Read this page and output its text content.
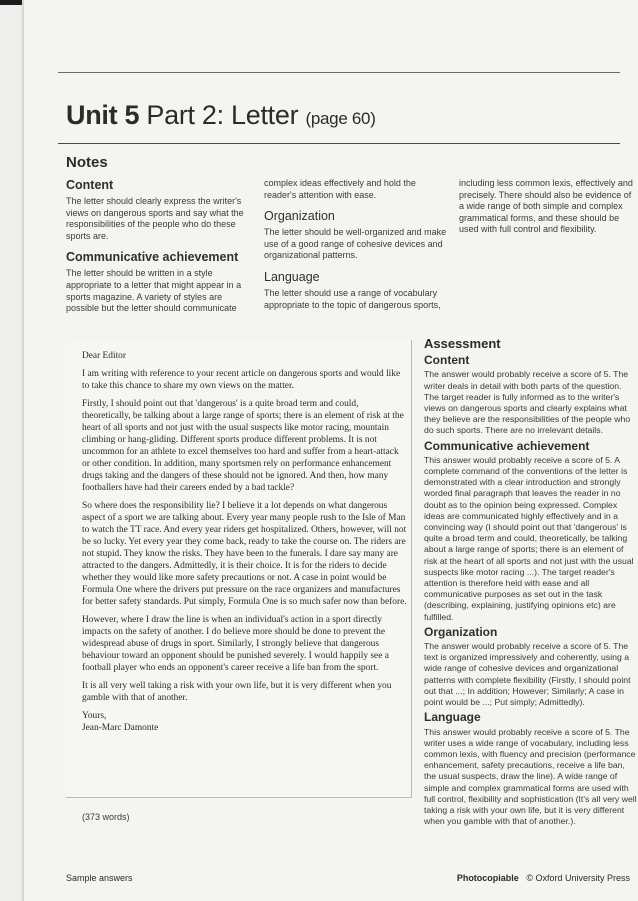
Unit 5 Part 2: Letter (page 60)
Notes
Content
The letter should clearly express the writer's views on dangerous sports and say what the responsibilities of the people who do these sports are.
Communicative achievement
The letter should be written in a style appropriate to a letter that might appear in a sports magazine. A variety of styles are possible but the letter should communicate
complex ideas effectively and hold the reader's attention with ease.
Organization
The letter should be well-organized and make use of a good range of cohesive devices and organizational patterns.
Language
The letter should use a range of vocabulary appropriate to the topic of dangerous sports,
including less common lexis, effectively and precisely. There should also be evidence of a wide range of both simple and complex grammatical forms, and these should be used with full control and flexibility.

Dear Editor

I am writing with reference to your recent article on dangerous sports and would like to take this chance to share my own views on the matter.

Firstly, I should point out that 'dangerous' is a quite broad term and could, theoretically, be talking about a large range of sports; there is an element of risk at the heart of all sports and not just with the usual suspects like motor racing, mountain climbing or hang-gliding. Different sports produce different problems. It is not uncommon for an athlete to excel themselves too hard and suffer from a heart-attack or other condition. In addition, many sportsmen rely on performance enhancement drugs taking and the dangers of these should not be ignored. And then, how many footballers have had their careers ended by a bad tackle?

So where does the responsibility lie? I believe it a lot depends on what dangerous aspect of a sport we are talking about. Every year many people rush to the Isle of Man to watch the TT race. And every year riders get hospitalized. Others, however, will not be so lucky. Yet every year they come back, ready to take the course on. The riders are not stupid. They know the risks. They have been to the funerals. I dare say many are attracted to the dangers. Admittedly, it is their choice. It is for the riders to decide whether they would like more safety precautions or not. A case in point would be Formula One where the drivers put pressure on the race organizers and manufactures for better safety standards. Put simply, Formula One is so much safer now than before.

However, where I draw the line is when an individual's action in a sport directly impacts on the safety of another. I do believe more should be done to prevent the widespread abuse of drugs in sport. Similarly, I strongly believe that dangerous behaviour toward an opponent should be punished severely. I would happily see a football player who ends an opponent's career receive a life ban from the sport.

It is all very well taking a risk with your own life, but it is very different when you gamble with that of another.

Yours,

Jean-Marc Damonte

(373 words)
Assessment
Content
The answer would probably receive a score of 5. The writer deals in detail with both parts of the question. The target reader is fully informed as to the writer's views on dangerous sports and clearly explains what they believe are the responsibilities of the people who do such sports. There are no irrelevant details.
Communicative achievement
This answer would probably receive a score of 5. A complete command of the conventions of the letter is demonstrated with a clear introduction and strongly worded final paragraph that leaves the reader in no doubt as to the opinion being expressed. Complex ideas are communicated highly effectively and in a convincing way (I should point out that 'dangerous' is quite a broad term and could, theoretically, be talking about a large range of sports; there is an element of risk at the heart of all sports and not just with the usual suspects like motor racing ...). The target reader's attention is therefore held with ease and all communicative purposes as set out in the task (describing, explaining, justifying opinions etc) are fulfilled.
Organization
The answer would probably receive a score of 5. The text is organized impressively and coherently, using a wide range of cohesive devices and organizational patterns with complete flexibility (Firstly, I should point out that ...; In addition; However; Similarly; A case in point would be ...; Put simply; Admittedly).
Language
This answer would probably receive a score of 5. The writer uses a wide range of vocabulary, including less common lexis, with fluency and precision (performance enhancement, safety precautions, receive a life ban, the usual suspects, draw the line). A wide range of simple and complex grammatical forms are used with full control, flexibility and sophistication (It's all very well taking a risk with your own life, but it is very different when you gamble with that of another.).
Sample answers	Photocopiable © Oxford University Press
